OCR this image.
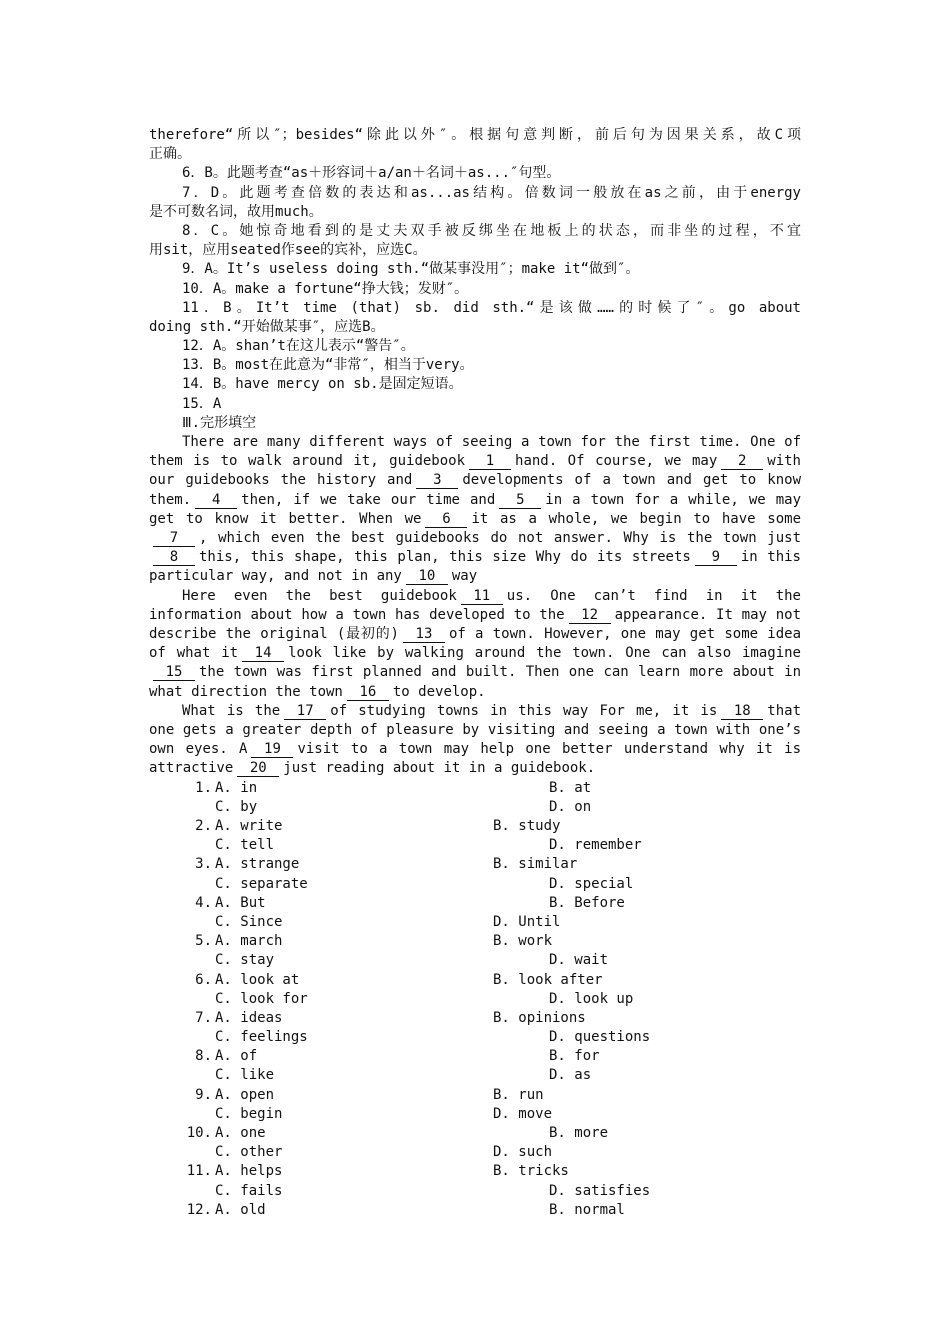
therefore“所以″；besides“除此以外″。根据句意判断，前后句为因果关系，故C项
正确。
6．B。此题考查“as＋形容词＋a/an＋名词＋as...″句型。
7．D。此题考查倍数的表达和as...as结构。倍数词一般放在as之前，由于energy
是不可数名词，故用much。
8．C。她惊奇地看到的是丈夫双手被反绑坐在地板上的状态，而非坐的过程，不宜
用sit，应用seated作see的宾补，应选C。
9．A。It’s useless doing sth.“做某事没用″；make it“做到″。
10．A。make a fortune“挣大钱；发财″。
11．B。It’t time (that) sb. did sth.“是该做……的时候了″。go about
doing sth.“开始做某事″，应选B。
12．A。shan’t在这儿表示“警告″。
13．B。most在此意为“非常″，相当于very。
14．B。have mercy on sb.是固定短语。
15．A
Ⅲ.完形填空
There are many different ways of seeing a town for the first time. One of them is to walk around it, guidebook 1 hand. Of course, we may 2 with our guidebooks the history and 3 developments of a town and get to know them. 4 then, if we take our time and 5 in a town for a while, we may get to know it better. When we 6 it as a whole, we begin to have some7 , which even the best guidebooks do not answer. Why is the town just8 this, this shape, this plan, this size Why do its streets 9 in this particular way, and not in any 10 way
Here even the best guidebook 11 us. One can’t find in it the information about how a town has developed to the 12 appearance. It may not describe the original (最初的) 13 of a town. However, one may get some idea of what it 14 look like by walking around the town. One can also imagine15 the town was first planned and built. Then one can learn more about in what direction the town 16 to develop.
What is the 17 of studying towns in this way For me, it is 18 that one gets a greater depth of pleasure by visiting and seeing a town with one’s own eyes. A 19 visit to a town may help one better understand why it is attractive 20 just reading about it in a guidebook.
1. A. in	B. at
C. by	D. on
2. A. write	B. study
C. tell	D. remember
3. A. strange	B. similar
C. separate	D. special
4. A. But	B. Before
C. Since	D. Until
5. A. march	B. work
C. stay	D. wait
6. A. look at	B. look after
C. look for	D. look up
7. A. ideas	B. opinions
C. feelings	D. questions
8. A. of	B. for
C. like	D. as
9. A. open	B. run
C. begin	D. move
10. A. one	B. more
C. other	D. such
11. A. helps	B. tricks
C. fails	D. satisfies
12. A. old	B. normal
